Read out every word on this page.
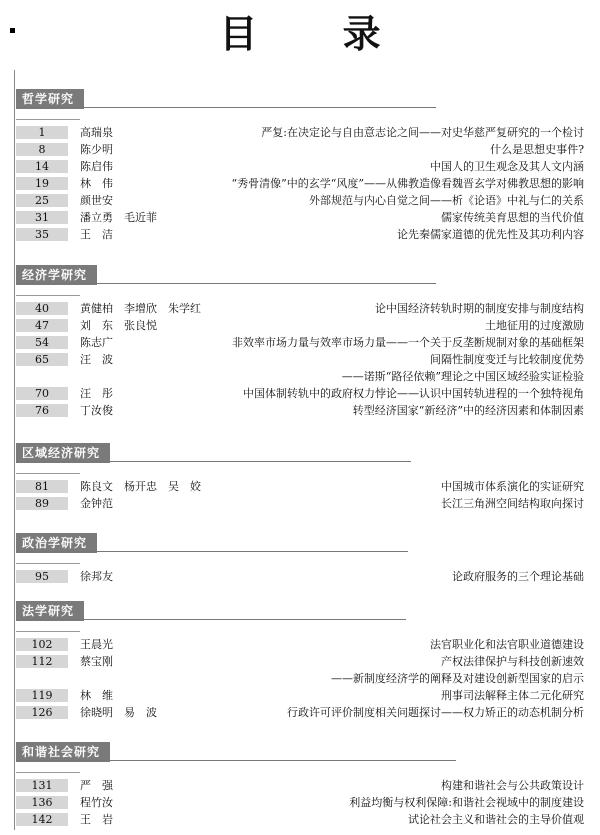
目 录
哲学研究
1	高瑞泉	严复:在决定论与自由意志论之间——对史华慈严复研究的一个检讨
8	陈少明	什么是思想史事件?
14	陈启伟	中国人的卫生观念及其人文内涵
19	林　伟	“秀骨清像”中的玄学“风度”——从佛教造像看魏晋玄学对佛教思想的影响
25	颜世安	外部规范与内心自觉之间——析《论语》中礼与仁的关系
31	潘立勇　毛近菲	儒家传统美育思想的当代价值
35	王　洁	论先秦儒家道德的优先性及其功利内容
经济学研究
40	黄健柏　李增欣　朱学红	论中国经济转轨时期的制度安排与制度结构
47	刘　东　张良悦	土地征用的过度激励
54	陈志广	非效率市场力量与效率市场力量——一个关于反垄断规制对象的基础框架
65	汪　波	间隔性制度变迁与比较制度优势
——诺斯“路径依赖”理论之中国区域经验实证检验
70	汪　彤	中国体制转轨中的政府权力悖论——认识中国转轨进程的一个独特视角
76	丁汝俊	转型经济国家“新经济”中的经济因素和体制因素
区域经济研究
81	陈良文　杨开忠　吴　姣	中国城市体系演化的实证研究
89	金钟范	长江三角洲空间结构取向探讨
政治学研究
95	徐邦友	论政府服务的三个理论基础
法学研究
102	王晨光	法官职业化和法官职业道德建设
112	蔡宝刚	产权法律保护与科技创新速效
——新制度经济学的阐释及对建设创新型国家的启示
119	林　维	刑事司法解释主体二元化研究
126	徐晓明　易　波	行政许可评价制度相关问题探讨——权力矫正的动态机制分析
和谐社会研究
131	严　强	构建和谐社会与公共政策设计
136	程竹汝	利益均衡与权利保障:和谐社会视域中的制度建设
142	王　岩	试论社会主义和谐社会的主导价值观
